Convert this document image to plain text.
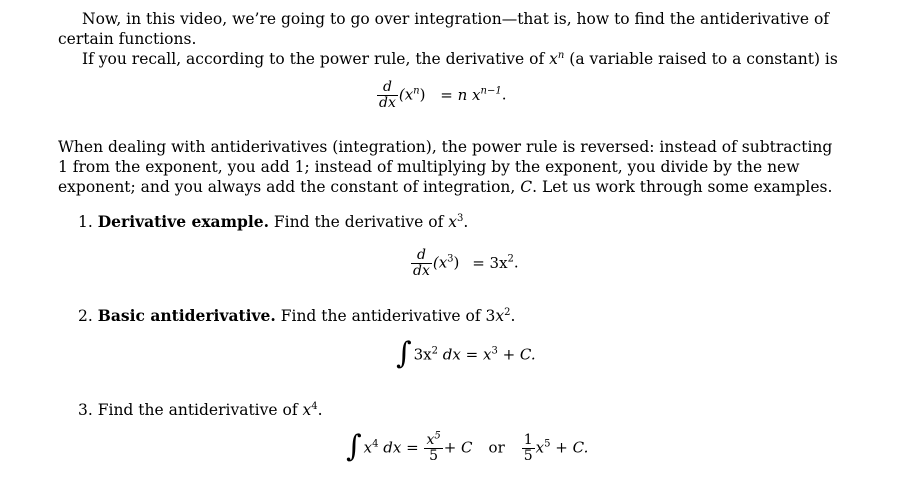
Now, in this video, we’re going to go over integration—that is, how to find the antiderivative of certain functions.
If you recall, according to the power rule, the derivative of $x^n$ (a variable raised to a constant) is
$\frac{d}{dx} (x^n) = n$ $x^{n-1}$.
When dealing with antiderivatives (integration), the power rule is reversed: instead of subtracting 1 from the exponent, you add 1; instead of multiplying by the exponent, you divide by the new exponent; and you always add the constant of integration, C. Let us work through some examples.
1. Derivative example. Find the derivative of $x^3$.
$\frac{d}{dx} (x^3) = 3x^2$.
2. Basic antiderivative. Find the antiderivative of $3x^2$.
∫ $3x^2$ dx = $x^3 + C$.
3. Find the antiderivative of $x^4$.
∫ $x^4$ dx = $\frac{x^5}{5} + C$ or $\frac{1}{5} x^5 + C$.
